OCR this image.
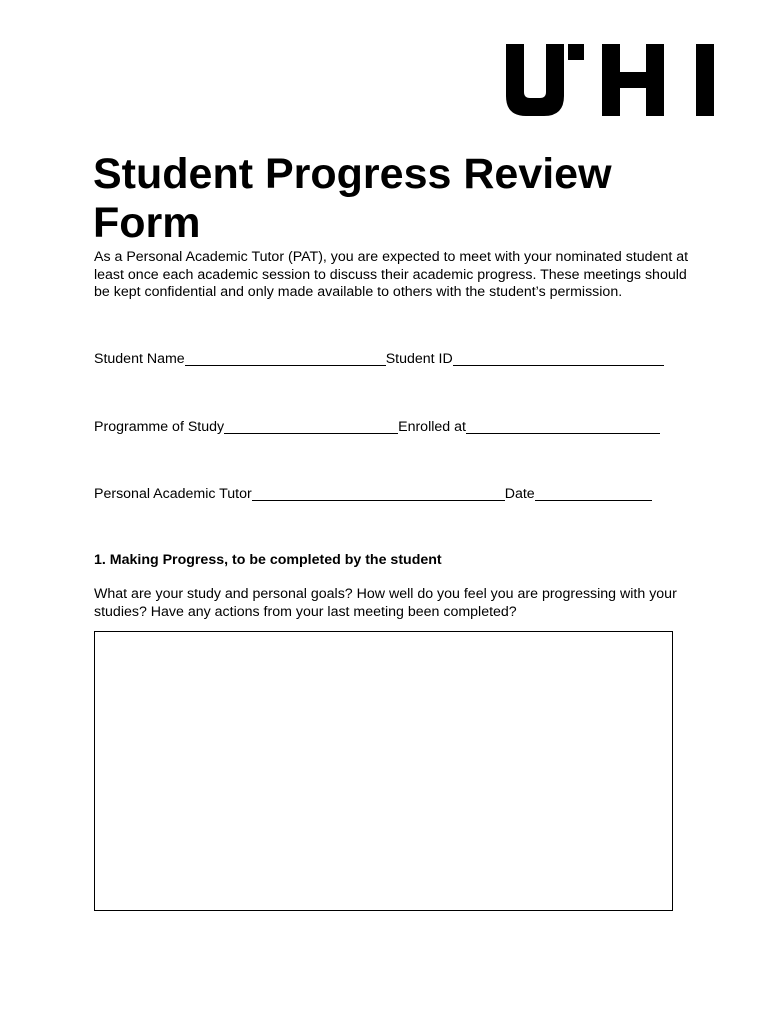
Student Progress Review Form

As a Personal Academic Tutor (PAT), you are expected to meet with your nominated student at least once each academic session to discuss their academic progress. These meetings should be kept confidential and only made available to others with the student’s permission.

Student Name	Student ID
Programme of Study	Enrolled at
Personal Academic Tutor	Date
1. Making Progress, to be completed by the student

What are your study and personal goals? How well do you feel you are progressing with your studies? Have any actions from your last meeting been completed?
